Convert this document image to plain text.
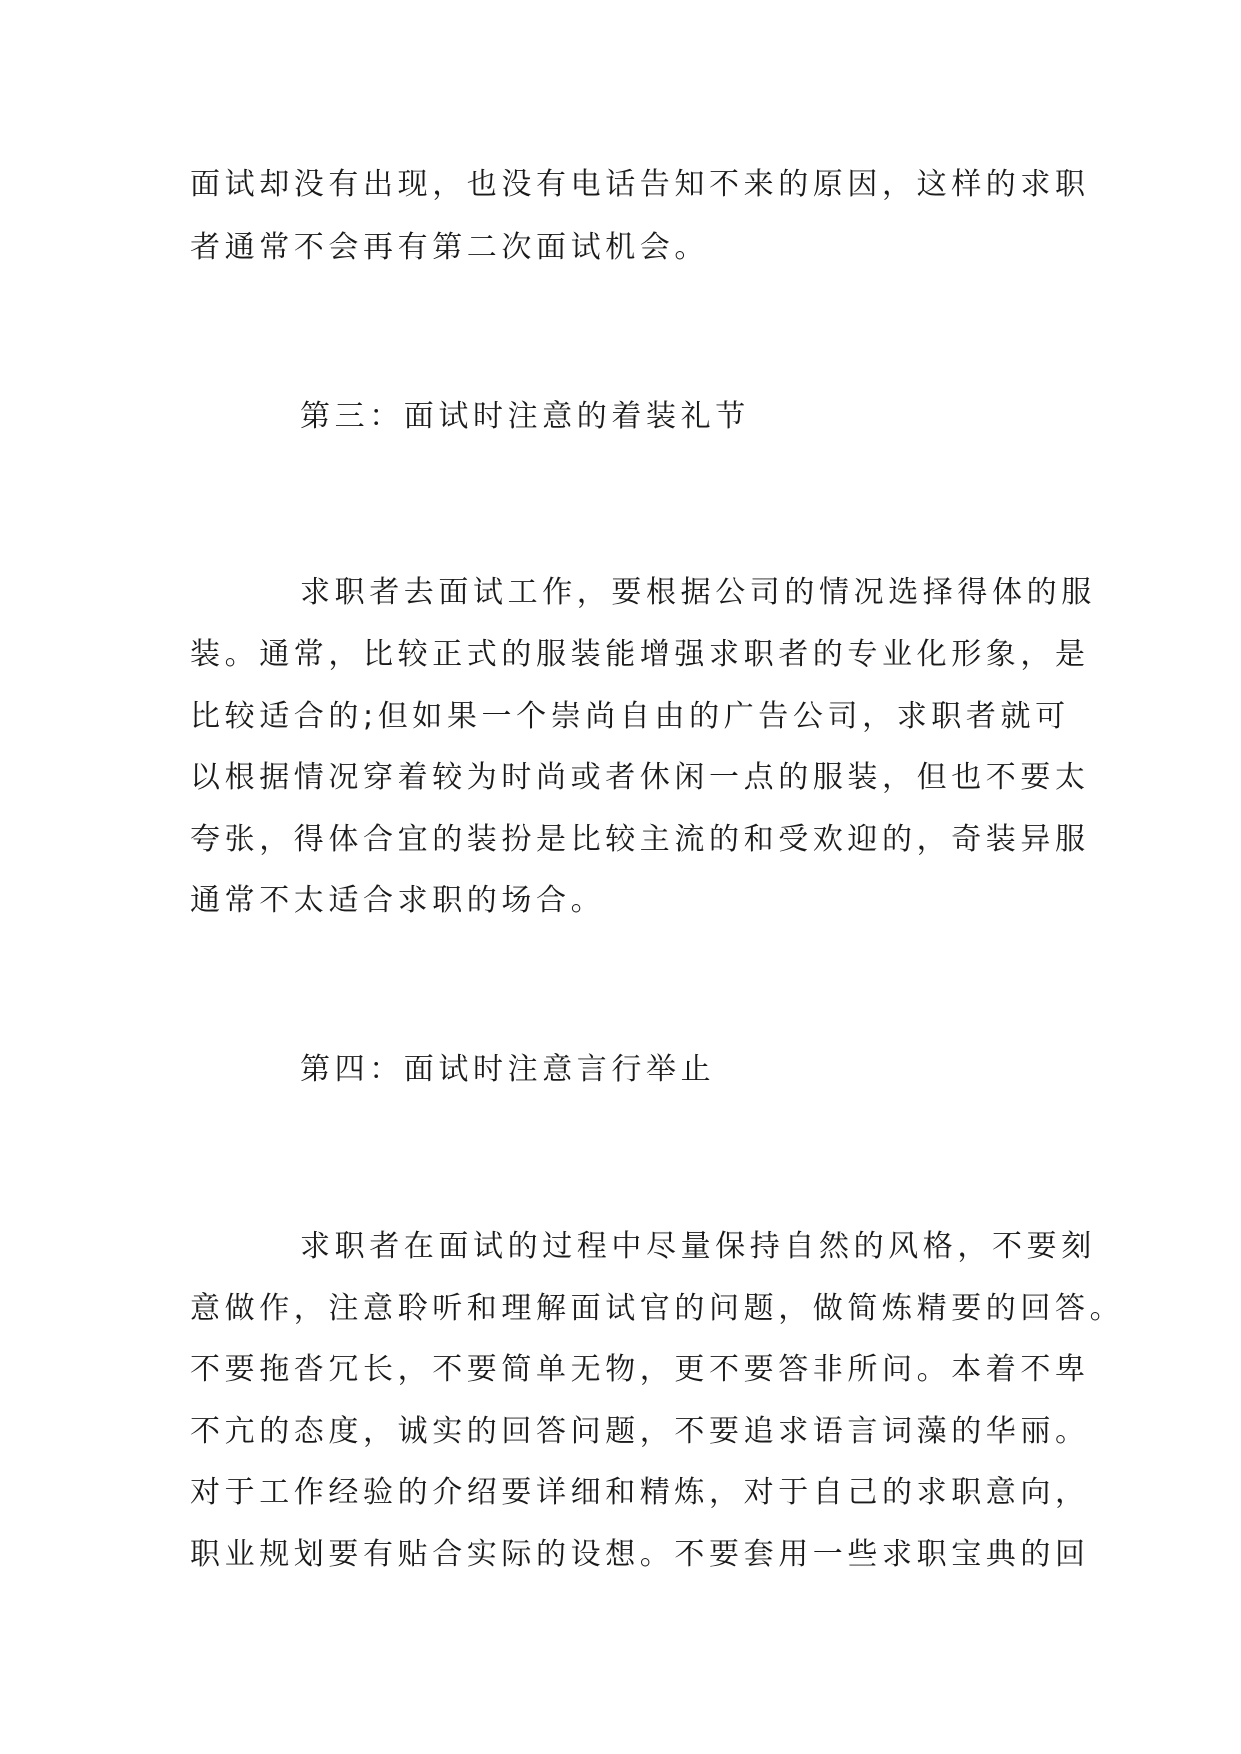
面试却没有出现，也没有电话告知不来的原因，这样的求职
者通常不会再有第二次面试机会。
第三：面试时注意的着装礼节
求职者去面试工作，要根据公司的情况选择得体的服
装。通常，比较正式的服装能增强求职者的专业化形象，是
比较适合的;但如果一个崇尚自由的广告公司，求职者就可
以根据情况穿着较为时尚或者休闲一点的服装，但也不要太
夸张，得体合宜的装扮是比较主流的和受欢迎的，奇装异服
通常不太适合求职的场合。
第四：面试时注意言行举止
求职者在面试的过程中尽量保持自然的风格，不要刻
意做作，注意聆听和理解面试官的问题，做简炼精要的回答。
不要拖沓冗长，不要简单无物，更不要答非所问。本着不卑
不亢的态度，诚实的回答问题，不要追求语言词藻的华丽。
对于工作经验的介绍要详细和精炼，对于自己的求职意向，
职业规划要有贴合实际的设想。不要套用一些求职宝典的回
